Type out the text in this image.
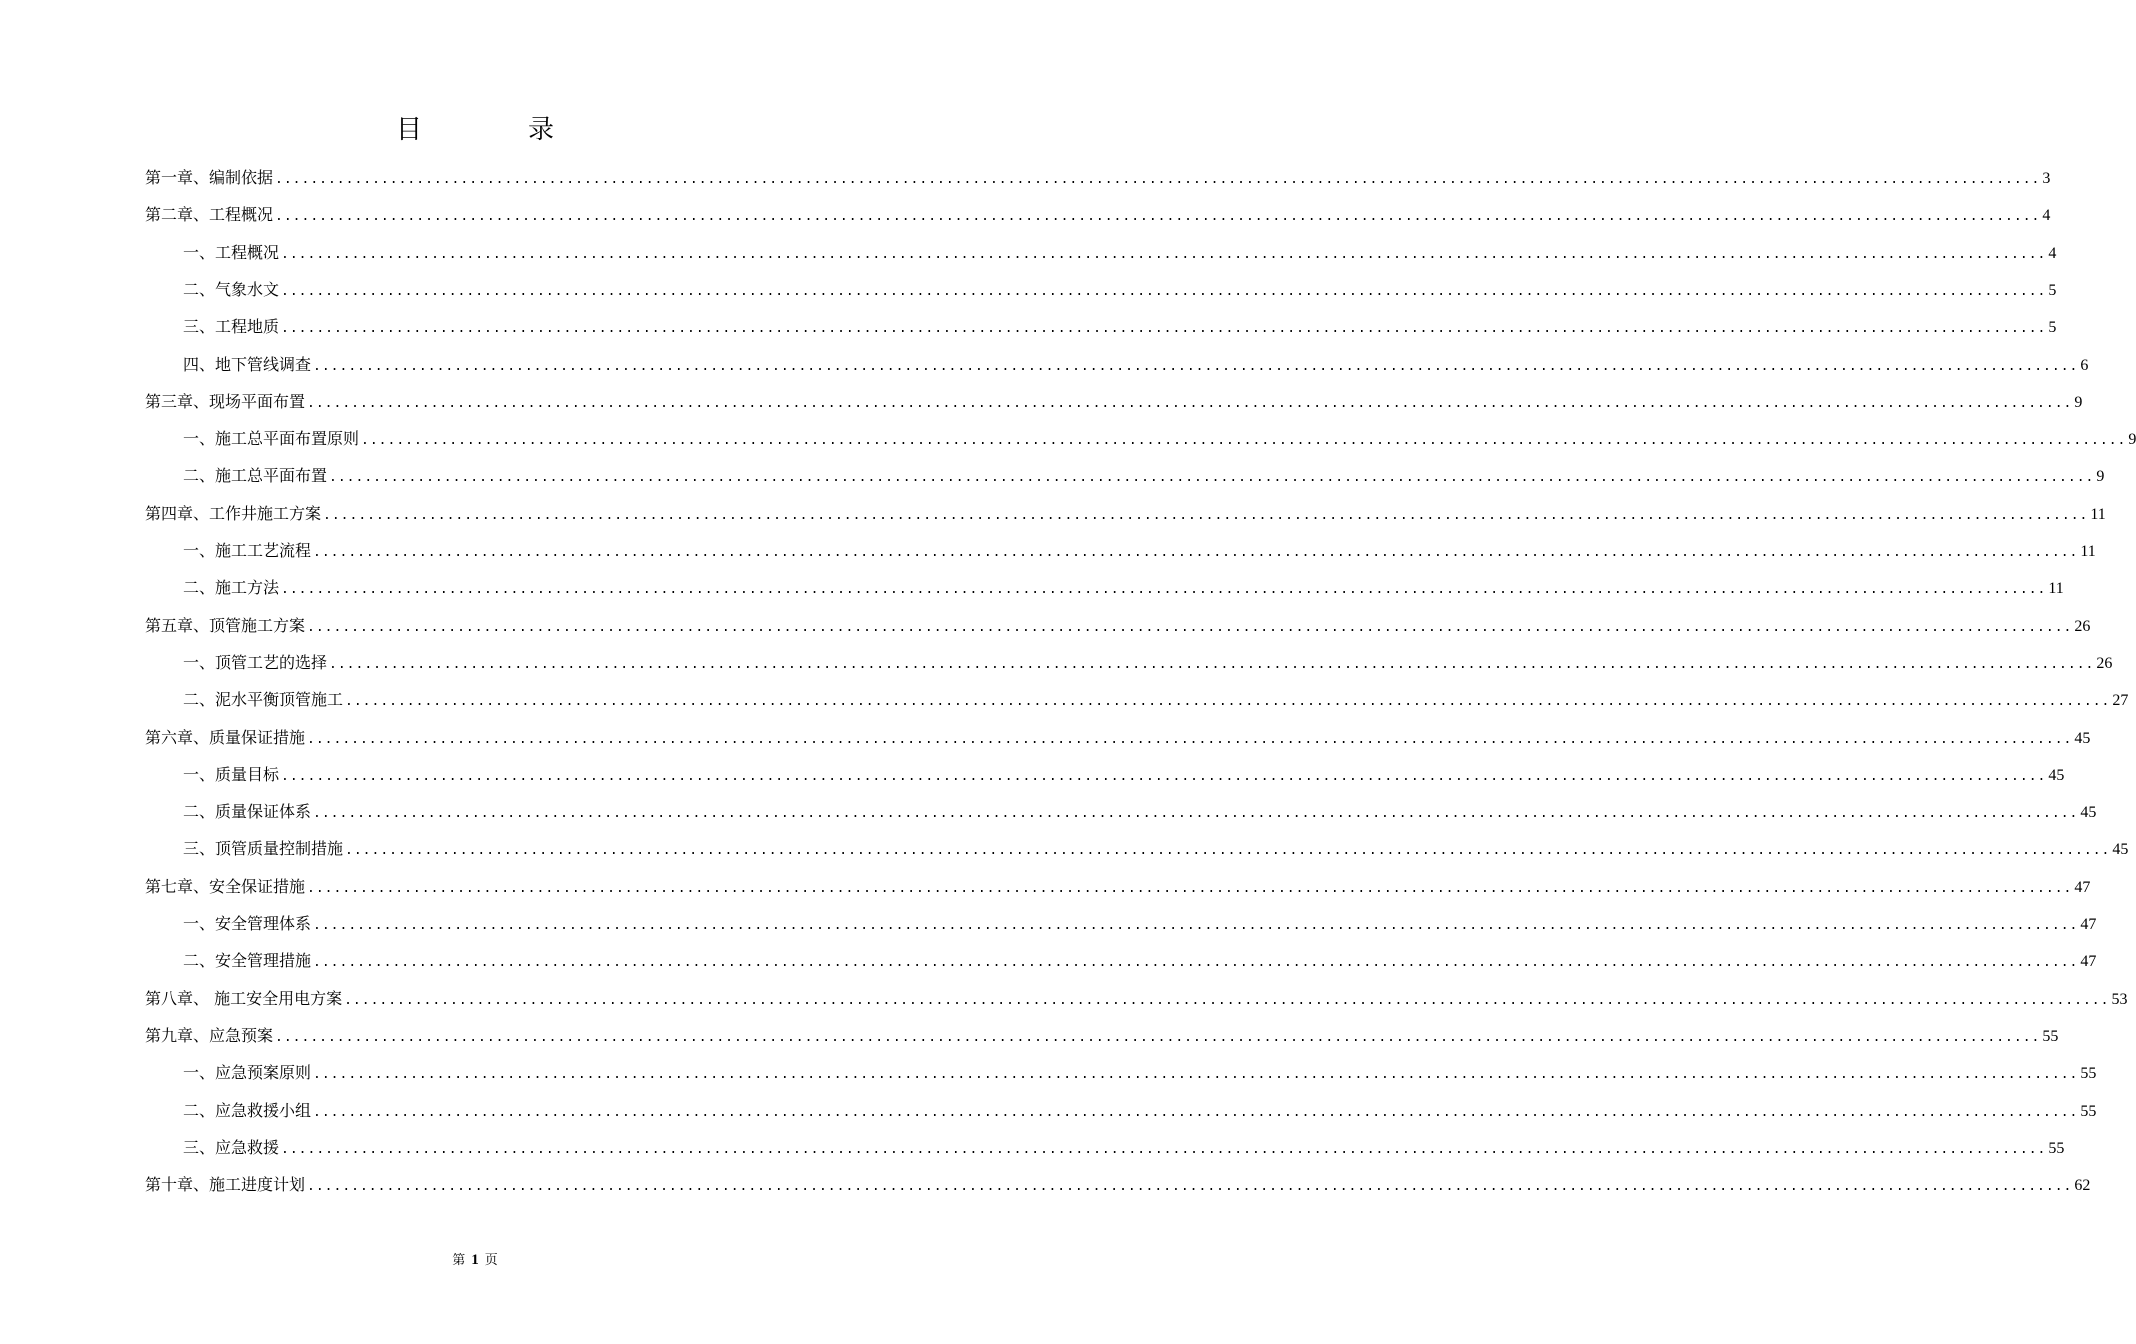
目　录
第一章、编制依据 ........................................................................................................................................................................................................ 3
第二章、工程概况 ........................................................................................................................................................................................................ 4
一、工程概况 ........................................................................................................................................................................................................ 4
二、气象水文 ........................................................................................................................................................................................................ 5
三、工程地质 ........................................................................................................................................................................................................ 5
四、地下管线调查 ........................................................................................................................................................................................................ 6
第三章、现场平面布置 ........................................................................................................................................................................................................ 9
一、施工总平面布置原则 ........................................................................................................................................................................................................ 9
二、施工总平面布置 ........................................................................................................................................................................................................ 9
第四章、工作井施工方案 ........................................................................................................................................................................................................ 11
一、施工工艺流程 ........................................................................................................................................................................................................ 11
二、施工方法 ........................................................................................................................................................................................................ 11
第五章、顶管施工方案 ........................................................................................................................................................................................................ 26
一、顶管工艺的选择 ........................................................................................................................................................................................................ 26
二、泥水平衡顶管施工 ........................................................................................................................................................................................................ 27
第六章、质量保证措施 ........................................................................................................................................................................................................ 45
一、质量目标 ........................................................................................................................................................................................................ 45
二、质量保证体系 ........................................................................................................................................................................................................ 45
三、顶管质量控制措施 ........................................................................................................................................................................................................ 45
第七章、安全保证措施 ........................................................................................................................................................................................................ 47
一、安全管理体系 ........................................................................................................................................................................................................ 47
二、安全管理措施 ........................................................................................................................................................................................................ 47
第八章、 施工安全用电方案 ........................................................................................................................................................................................................ 53
第九章、应急预案 ........................................................................................................................................................................................................ 55
一、应急预案原则 ........................................................................................................................................................................................................ 55
二、应急救援小组 ........................................................................................................................................................................................................ 55
三、应急救援 ........................................................................................................................................................................................................ 55
第十章、施工进度计划 ........................................................................................................................................................................................................ 62
第 1 页
